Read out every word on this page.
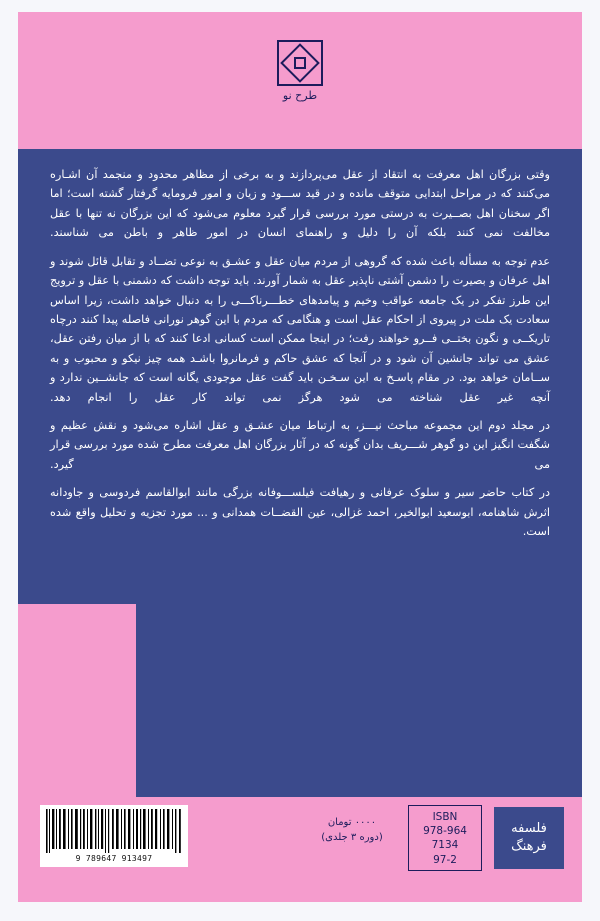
طرح نو

وقتی بزرگان اهل معرفت به انتقاد از عقل می‌پردازند و به برخی از مظاهر محدود و منجمد آن اشـاره می‌کنند که در مراحل ابتدایی متوقف مانده و در قید ســـود و زیان و امور فرومایه گرفتار گشته است؛ اما اگر سخنان اهل بصــیرت به درستی مورد بررسی قرار گیرد معلوم می‌شود که این بزرگان نه تنها با عقل مخالفت نمی کنند بلکه آن را دلیل و راهنمای انسان در امور ظاهر و باطن می شناسند.

عدم توجه به مسأله باعث شده که گروهی از مردم میان عقل و عشـق به نوعی تضــاد و تقابل قائل شوند و اهل عرفان و بصیرت را دشمن آشتی ناپذیر عقل به شمار آورند. باید توجه داشت که دشمنی با عقل و ترویج این طرز تفکر در یک جامعه عواقب وخیم و پیامدهای خطـــرناکـــی را به دنبال خواهد داشت، زیرا اساس سعادت یک ملت در پیروی از احکام عقل است و هنگامی که مردم با این گوهر نورانی فاصله پیدا کنند درچاه تاریکــی و نگون بختــی فــرو خواهند رفت؛ در اینجا ممکن است کسانی ادعا کنند که با از میان رفتن عقل، عشق می تواند جانشین آن شود و در آنجا که عشق حاکم و فرمانروا باشـد همه چیز نیکو و محبوب و به ســامان خواهد بود. در مقام پاسـخ به این سـخـن باید گفت عقل موجودی یگانه است که جانشــین ندارد و آنچه غیر عقل شناخته می شود هرگز نمی تواند کار عقل را انجام دهد.

در مجلد دوم این مجموعه مباحث نیـــز، به ارتباط میان عشـق و عقل اشاره می‌شود و نقش عظیم و شگفت انگیز این دو گوهر شـــریف بدان گونه که در آثار بزرگان اهل معرفت مطرح شده مورد بررسی قرار می گیرد.

در کتاب حاضر سیر و سلوک عرفانی و رهیافت فیلســـوفانه بزرگی مانند ابوالقاسم فردوسی و جاودانه اثرش شاهنامه، ابوسعید ابوالخیر، احمد غزالی، عین القضــات همدانی و ... مورد تجزیه و تحلیل واقع شده است.

فلسفه
فرهنگ
ISBN
978-964
7134
97-2
۰۰۰۰ تومان
(دوره ۳ جلدی)
9 789647 913497
